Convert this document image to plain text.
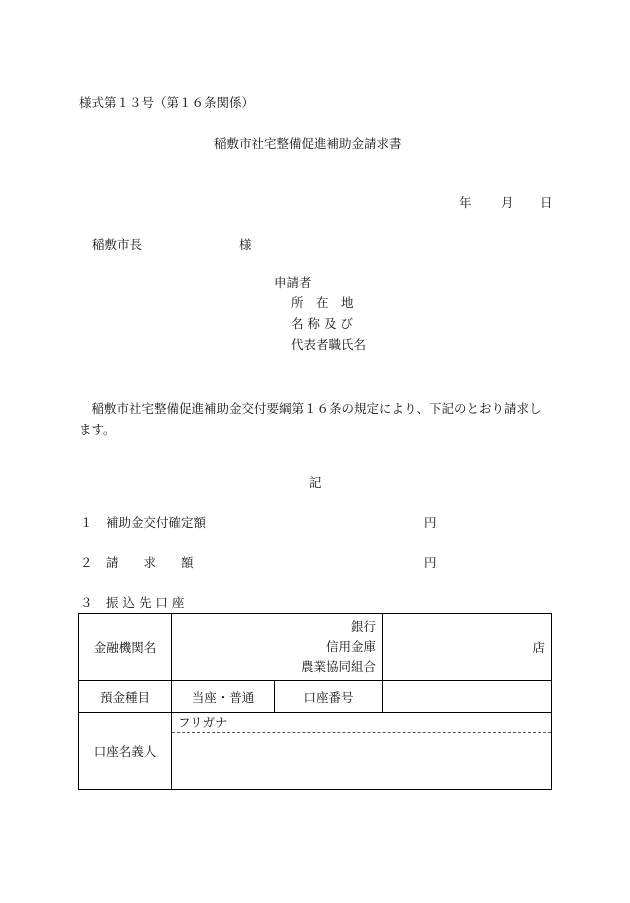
様式第１３号（第１６条関係）
稲敷市社宅整備促進補助金請求書
年 月 日
稲敷市長	様
申請者
所　在　地
名 称 及 び
代表者職氏名
稲敷市社宅整備促進補助金交付要綱第１６条の規定により、下記のとおり請求します。
記
１ 補助金交付確定額	円
２ 請　　求　　額	円
３ 振 込 先 口 座
金融機関名	銀行
信用金庫
農業協同組合		店
預金種目	当座・普通	口座番号	
口座名義人	フリガナ		
